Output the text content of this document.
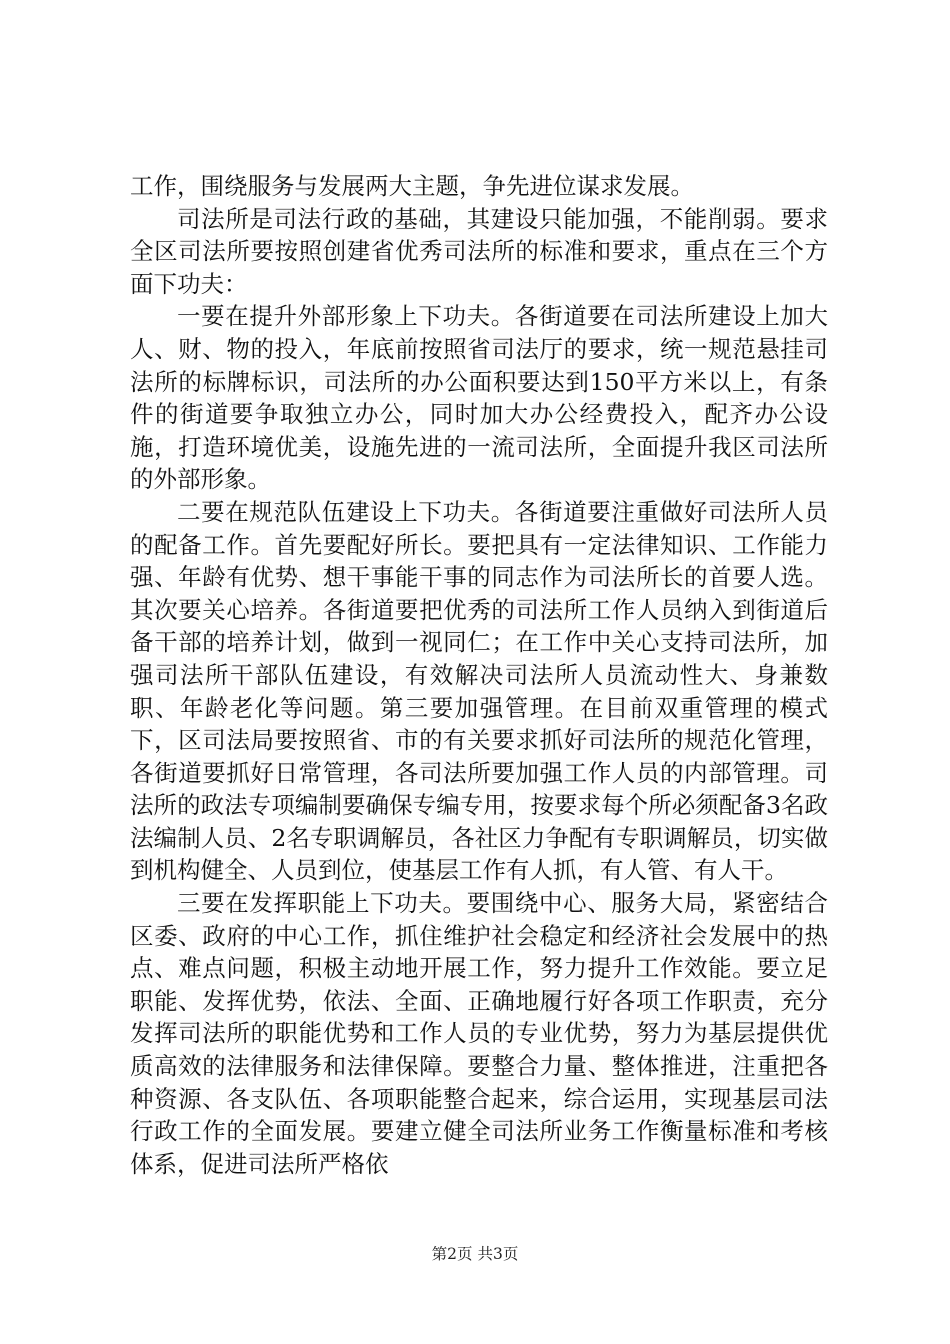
工作，围绕服务与发展两大主题，争先进位谋求发展。

司法所是司法行政的基础，其建设只能加强，不能削弱。要求全区司法所要按照创建省优秀司法所的标准和要求，重点在三个方面下功夫：

一要在提升外部形象上下功夫。各街道要在司法所建设上加大人、财、物的投入，年底前按照省司法厅的要求，统一规范悬挂司法所的标牌标识，司法所的办公面积要达到150平方米以上，有条件的街道要争取独立办公，同时加大办公经费投入，配齐办公设施，打造环境优美，设施先进的一流司法所，全面提升我区司法所的外部形象。

二要在规范队伍建设上下功夫。各街道要注重做好司法所人员的配备工作。首先要配好所长。要把具有一定法律知识、工作能力强、年龄有优势、想干事能干事的同志作为司法所长的首要人选。其次要关心培养。各街道要把优秀的司法所工作人员纳入到街道后备干部的培养计划，做到一视同仁；在工作中关心支持司法所，加强司法所干部队伍建设，有效解决司法所人员流动性大、身兼数职、年龄老化等问题。第三要加强管理。在目前双重管理的模式下，区司法局要按照省、市的有关要求抓好司法所的规范化管理，各街道要抓好日常管理，各司法所要加强工作人员的内部管理。司法所的政法专项编制要确保专编专用，按要求每个所必须配备3名政法编制人员、2名专职调解员，各社区力争配有专职调解员，切实做到机构健全、人员到位，使基层工作有人抓，有人管、有人干。

三要在发挥职能上下功夫。要围绕中心、服务大局，紧密结合区委、政府的中心工作，抓住维护社会稳定和经济社会发展中的热点、难点问题，积极主动地开展工作，努力提升工作效能。要立足职能、发挥优势，依法、全面、正确地履行好各项工作职责，充分发挥司法所的职能优势和工作人员的专业优势，努力为基层提供优质高效的法律服务和法律保障。要整合力量、整体推进，注重把各种资源、各支队伍、各项职能整合起来，综合运用，实现基层司法行政工作的全面发展。要建立健全司法所业务工作衡量标准和考核体系，促进司法所严格依

第2页 共3页
